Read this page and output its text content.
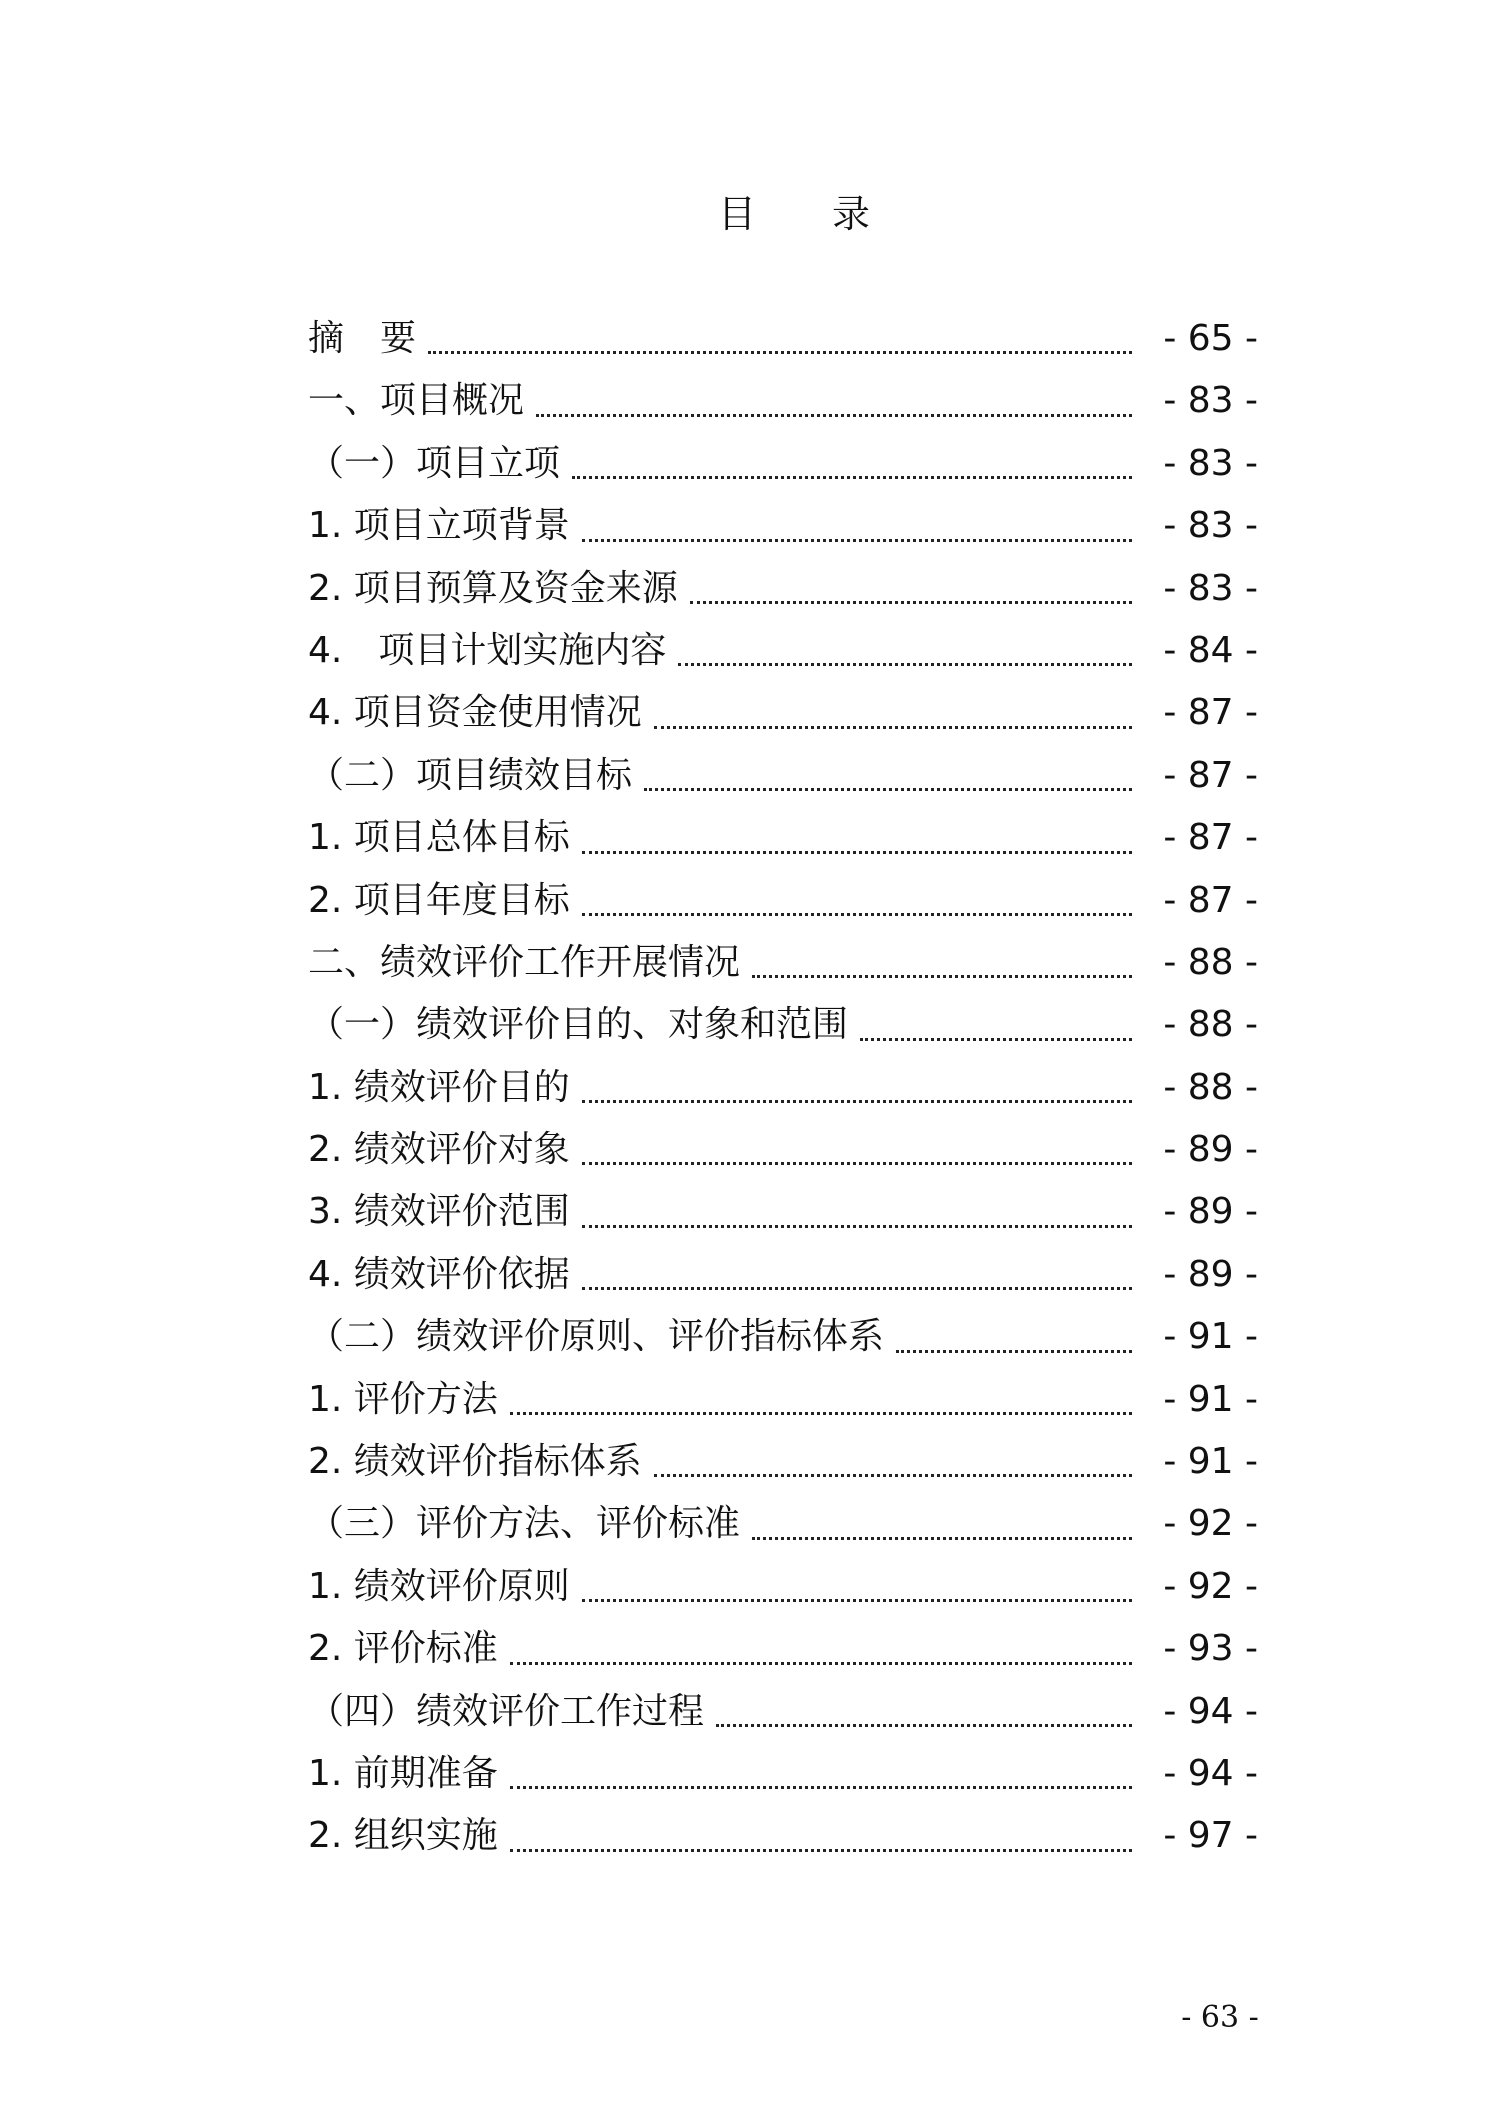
目 录
摘　要	- 65 -
一、项目概况	- 83 -
（一）项目立项	- 83 -
1. 项目立项背景	- 83 -
2. 项目预算及资金来源	- 83 -
4.　项目计划实施内容	- 84 -
4. 项目资金使用情况	- 87 -
（二）项目绩效目标	- 87 -
1. 项目总体目标	- 87 -
2. 项目年度目标	- 87 -
二、绩效评价工作开展情况	- 88 -
（一）绩效评价目的、对象和范围	- 88 -
1. 绩效评价目的	- 88 -
2. 绩效评价对象	- 89 -
3. 绩效评价范围	- 89 -
4. 绩效评价依据	- 89 -
（二）绩效评价原则、评价指标体系	- 91 -
1. 评价方法	- 91 -
2. 绩效评价指标体系	- 91 -
（三）评价方法、评价标准	- 92 -
1. 绩效评价原则	- 92 -
2. 评价标准	- 93 -
（四）绩效评价工作过程	- 94 -
1. 前期准备	- 94 -
2. 组织实施	- 97 -
- 63 -
